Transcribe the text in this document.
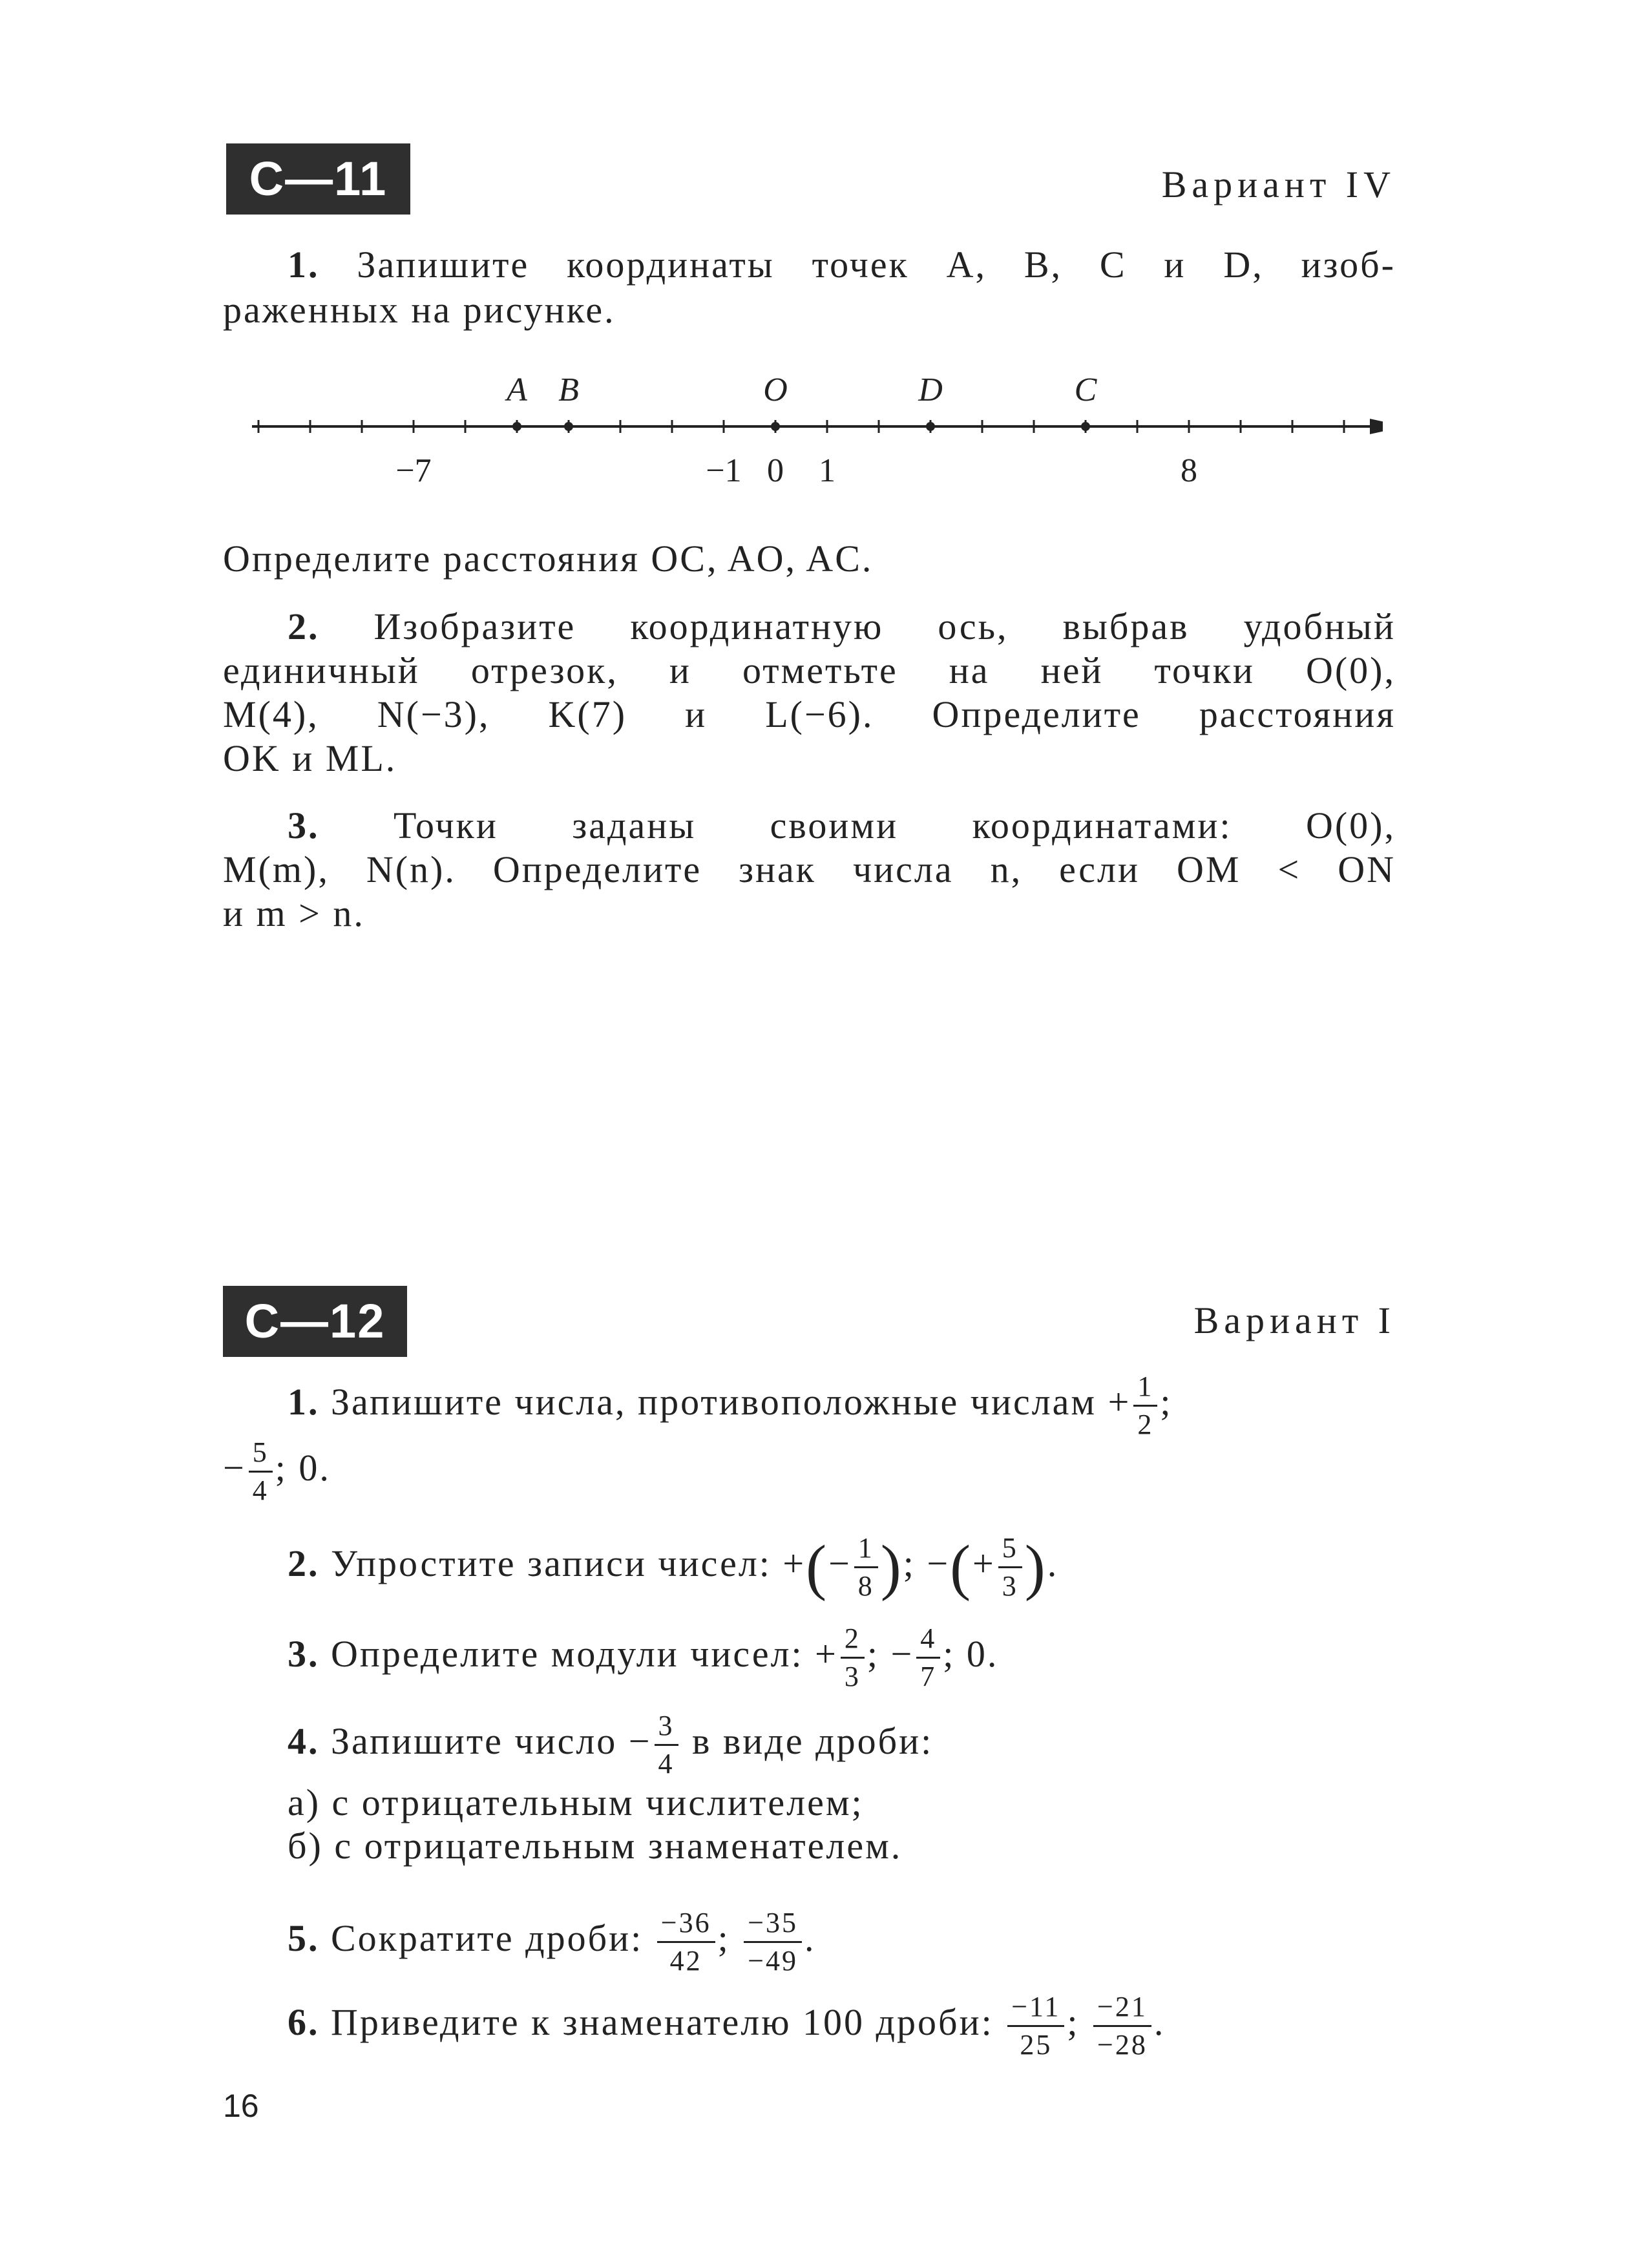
С—11	Вариант IV
1. Запишите координаты точек A, B, C и D, изоб-
раженных на рисунке.
A B	O	D	C
−7	−1 0 1	8
Определите расстояния OC, AO, AC.
2. Изобразите координатную ось, выбрав удобный
единичный отрезок, и отметьте на ней точки O(0),
M(4), N(−3), K(7) и L(−6). Определите расстояния
OK и ML.
3. Точки заданы своими координатами: O(0),
M(m), N(n). Определите знак числа n, если OM < ON
и m > n.
С—12	Вариант I
1. Запишите числа, противоположные числам + $\frac{1}{2}$ ;
− $\frac{5}{4}$ ; 0.
2. Упростите записи чисел: +(− $\frac{1}{8}$ ); −(+ $\frac{5}{3}$ ).
3. Определите модули чисел: + $\frac{2}{3}$ ; − $\frac{4}{7}$ ; 0.
4. Запишите число − $\frac{3}{4}$ в виде дроби:
а) с отрицательным числителем;
б) с отрицательным знаменателем.
5. Сократите дроби: $\frac{-36}{42}$ ; $\frac{-35}{-49}$ .
6. Приведите к знаменателю 100 дроби: $\frac{-11}{25}$ ; $\frac{-21}{-28}$ .
16
